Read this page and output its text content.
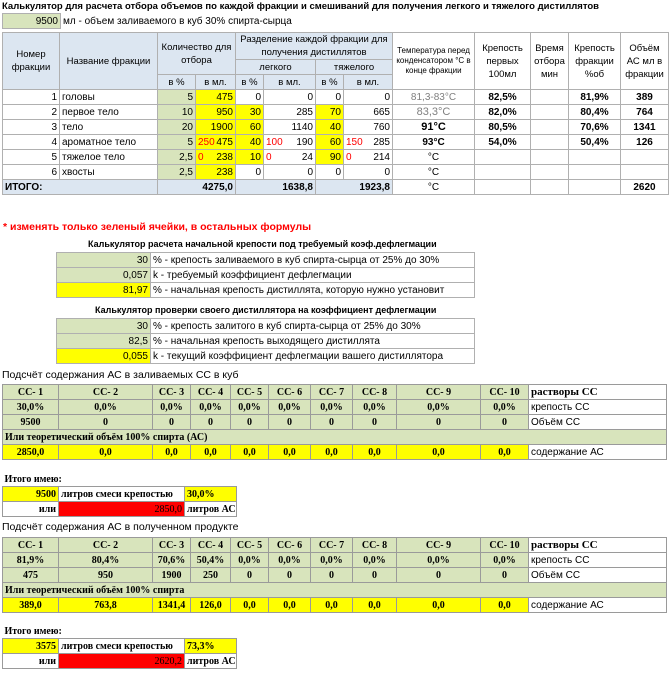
Калькулятор для расчета отбора объемов по каждой фракции и смешиваний для получения легкого и тяжелого дистиллятов
9500	мл - объем заливаемого в куб 30% спирта-сырца
Номер фракции	Название фракции	Количество для отбора		Разделение каждой фракции для получения дистиллятов				Температура перед конденсатором °С в конце фракции	Крепость первых 100мл	Время отбора мин	Крепость фракции %об	Объём АС мл в фракции
				легкого		тяжелого						
		в %	в мл.	в %	в мл.	в %	в мл.					
1	головы	5	475	0	0	0	0	81,3-83°С	82,5%		81,9%	389
2	первое тело	10	950	30	285	70	665	83,3°С	82,0%		80,4%	764
3	тело	20	1900	60	1140	40	760	91°С	80,5%		70,6%	1341
4	ароматное тело	5	250 475	40	100 190	60	150 285	93°С	54,0%		50,4%	126
5	тяжелое тело	2,5	0 238	10	0 24	90	0 214	°С				
6	хвосты	2,5	238	0	0	0	0	°С				
ИТОГО:		4275,0		1638,8		1923,8		°С				2620
* изменять только зеленый ячейки, в остальных формулы
Калькулятор расчета начальной крепости под требуемый коэф.дефлегмации
30	% - крепость заливаемого в куб спирта-сырца от 25% до 30%
0,057	k - требуемый коэффициент дефлегмации
81,97	% - начальная крепость дистиллята, которую нужно установит
Калькулятор проверки своего дистиллятора на коэффициент дефлегмации
30	% - крепость залитого в куб спирта-сырца от 25% до 30%
82,5	% - начальная крепость выходящего дистиллята
0,055	k - текущий коэффициент дефлегмации вашего дистиллятора
Подсчёт содержания АС в заливаемых СС в куб
СС- 1	СС- 2	СС- 3	СС- 4	СС- 5	СС- 6	СС- 7	СС- 8	СС- 9	СС- 10	растворы СС
30,0%	0,0%	0,0%	0,0%	0,0%	0,0%	0,0%	0,0%	0,0%	0,0%	крепость СС
9500	0	0	0	0	0	0	0	0	0	Объём СС
Или теоретический объём 100% спирта (АС)										
2850,0	0,0	0,0	0,0	0,0	0,0	0,0	0,0	0,0	0,0	содержание АС
Итого имею:		
9500	литров смеси крепостью	30,0%
или	2850,0	литров АС
Подсчёт содержания АС в полученном продукте
СС- 1	СС- 2	СС- 3	СС- 4	СС- 5	СС- 6	СС- 7	СС- 8	СС- 9	СС- 10	растворы СС
81,9%	80,4%	70,6%	50,4%	0,0%	0,0%	0,0%	0,0%	0,0%	0,0%	крепость СС
475	950	1900	250	0	0	0	0	0	0	Объём СС
Или теоретический объём 100% спирта										
389,0	763,8	1341,4	126,0	0,0	0,0	0,0	0,0	0,0	0,0	содержание АС
Итого имею:		
3575	литров смеси крепостью	73,3%
или	2620,2	литров АС
